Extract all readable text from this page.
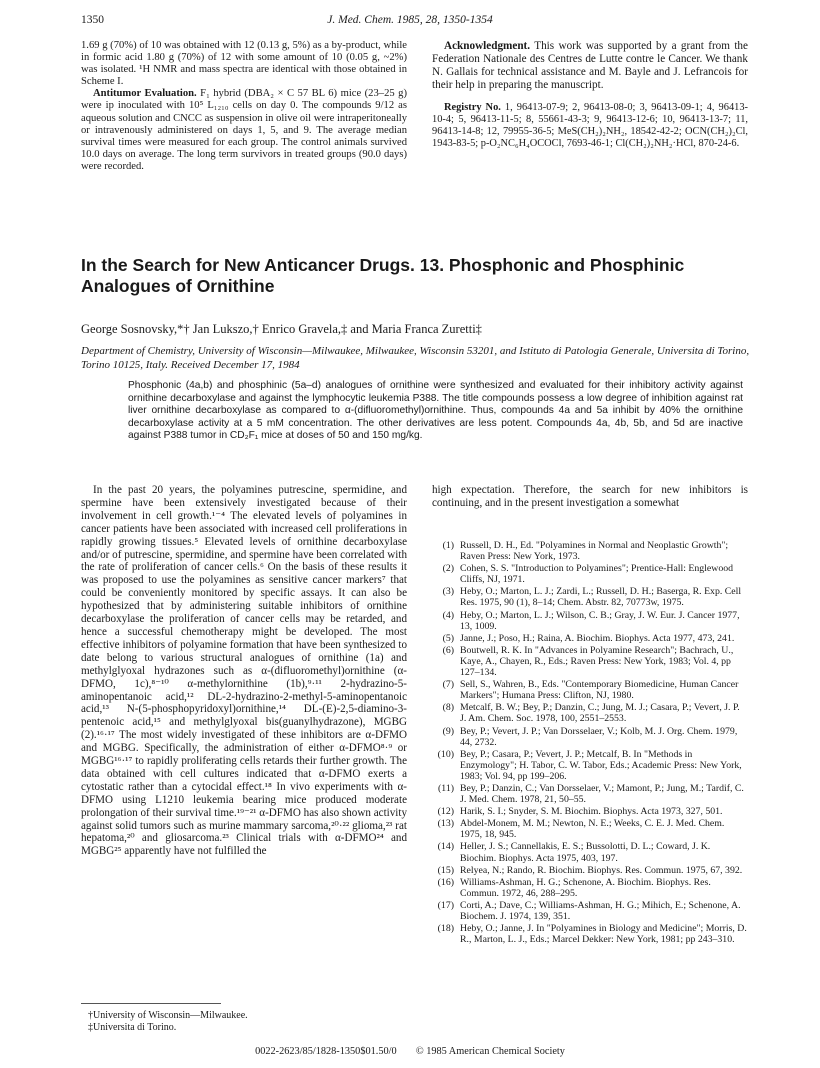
1350	J. Med. Chem. 1985, 28, 1350-1354

1.69 g (70%) of 10 was obtained with 12 (0.13 g, 5%) as a by-product, while in formic acid 1.80 g (70%) of 12 with some amount of 10 (0.05 g, ~2%) was isolated. ¹H NMR and mass spectra are identical with those obtained in Scheme I.

Antitumor Evaluation. F₁ hybrid (DBA₂ × C 57 BL 6) mice (23–25 g) were ip inoculated with 10⁵ L₁₂₁₀ cells on day 0. The compounds 9/12 as aqueous solution and CNCC as suspension in olive oil were intraperitoneally or intravenously administered on days 1, 5, and 9. The average median survival times were measured for each group. The control animals survived 10.0 days on average. The long term survivors in treated groups (90.0 days) were recorded.

Acknowledgment. This work was supported by a grant from the Federation Nationale des Centres de Lutte contre le Cancer. We thank N. Gallais for technical assistance and M. Bayle and J. Lefrancois for their help in preparing the manuscript.

Registry No. 1, 96413-07-9; 2, 96413-08-0; 3, 96413-09-1; 4, 96413-10-4; 5, 96413-11-5; 8, 55661-43-3; 9, 96413-12-6; 10, 96413-13-7; 11, 96413-14-8; 12, 79955-36-5; MeS(CH₂)₂NH₂, 18542-42-2; OCN(CH₂)₂Cl, 1943-83-5; p-O₂NC₆H₄OCOCl, 7693-46-1; Cl(CH₂)₂NH₂·HCl, 870-24-6.

In the Search for New Anticancer Drugs. 13. Phosphonic and Phosphinic Analogues of Ornithine
George Sosnovsky,*† Jan Lukszo,† Enrico Gravela,‡ and Maria Franca Zuretti‡
Department of Chemistry, University of Wisconsin—Milwaukee, Milwaukee, Wisconsin 53201, and Istituto di Patologia Generale, Universita di Torino, Torino 10125, Italy. Received December 17, 1984
Phosphonic (4a,b) and phosphinic (5a–d) analogues of ornithine were synthesized and evaluated for their inhibitory activity against ornithine decarboxylase and against the lymphocytic leukemia P388. The title compounds possess a low degree of inhibition against rat liver ornithine decarboxylase as compared to α-(difluoromethyl)ornithine. Thus, compounds 4a and 5a inhibit by 40% the ornithine decarboxylase activity at a 5 mM concentration. The other derivatives are less potent. Compounds 4a, 4b, 5b, and 5d are inactive against P388 tumor in CD₂F₁ mice at doses of 50 and 150 mg/kg.

In the past 20 years, the polyamines putrescine, spermidine, and spermine have been extensively investigated because of their involvement in cell growth.¹⁻⁴ The elevated levels of polyamines in cancer patients have been associated with increased cell proliferations in rapidly growing tissues.⁵ Elevated levels of ornithine decarboxylase and/or of putrescine, spermidine, and spermine have been correlated with the rate of proliferation of cancer cells.⁶ On the basis of these results it was proposed to use the polyamines as sensitive cancer markers⁷ that could be conveniently monitored by specific assays. It can also be hypothesized that by administering suitable inhibitors of ornithine decarboxylase the proliferation of cancer cells may be retarded, and hence a successful chemotherapy might be developed. The most effective inhibitors of polyamine formation that have been synthesized to date belong to various structural analogues of ornithine (1a) and methylglyoxal hydrazones such as α-(difluoromethyl)ornithine (α-DFMO, 1c),⁸⁻¹⁰ α-methylornithine (1b),⁹·¹¹ 2-hydrazino-5-aminopentanoic acid,¹² DL-2-hydrazino-2-methyl-5-aminopentanoic acid,¹³ N-(5-phosphopyridoxyl)ornithine,¹⁴ DL-(E)-2,5-diamino-3-pentenoic acid,¹⁵ and methylglyoxal bis(guanylhydrazone), MGBG (2).¹⁶·¹⁷ The most widely investigated of these inhibitors are α-DFMO and MGBG. Specifically, the administration of either α-DFMO⁸·⁹ or MGBG¹⁶·¹⁷ to rapidly proliferating cells retards their further growth. The data obtained with cell cultures indicated that α-DFMO exerts a cytostatic rather than a cytocidal effect.¹⁸ In vivo experiments with α-DFMO using L1210 leukemia bearing mice produced moderate prolongation of their survival time.¹⁹⁻²¹ α-DFMO has also shown activity against solid tumors such as murine mammary sarcoma,²⁰·²² glioma,²³ rat hepatoma,²⁰ and gliosarcoma.²³ Clinical trials with α-DFMO²⁴ and MGBG²⁵ apparently have not fulfilled the

high expectation. Therefore, the search for new inhibitors is continuing, and in the present investigation a somewhat

(1) Russell, D. H., Ed. "Polyamines in Normal and Neoplastic Growth"; Raven Press: New York, 1973.
(2) Cohen, S. S. "Introduction to Polyamines"; Prentice-Hall: Englewood Cliffs, NJ, 1971.
(3) Heby, O.; Marton, L. J.; Zardi, L.; Russell, D. H.; Baserga, R. Exp. Cell Res. 1975, 90 (1), 8–14; Chem. Abstr. 82, 70773w, 1975.
(4) Heby, O.; Marton, L. J.; Wilson, C. B.; Gray, J. W. Eur. J. Cancer 1977, 13, 1009.
(5) Janne, J.; Poso, H.; Raina, A. Biochim. Biophys. Acta 1977, 473, 241.
(6) Boutwell, R. K. In "Advances in Polyamine Research"; Bachrach, U., Kaye, A., Chayen, R., Eds.; Raven Press: New York, 1983; Vol. 4, pp 127–134.
(7) Sell, S., Wahren, B., Eds. "Contemporary Biomedicine, Human Cancer Markers"; Humana Press: Clifton, NJ, 1980.
(8) Metcalf, B. W.; Bey, P.; Danzin, C.; Jung, M. J.; Casara, P.; Vevert, J. P. J. Am. Chem. Soc. 1978, 100, 2551–2553.
(9) Bey, P.; Vevert, J. P.; Van Dorsselaer, V.; Kolb, M. J. Org. Chem. 1979, 44, 2732.
(10) Bey, P.; Casara, P.; Vevert, J. P.; Metcalf, B. In "Methods in Enzymology"; H. Tabor, C. W. Tabor, Eds.; Academic Press: New York, 1983; Vol. 94, pp 199–206.
(11) Bey, P.; Danzin, C.; Van Dorsselaer, V.; Mamont, P.; Jung, M.; Tardif, C. J. Med. Chem. 1978, 21, 50–55.
(12) Harik, S. I.; Snyder, S. M. Biochim. Biophys. Acta 1973, 327, 501.
(13) Abdel-Monem, M. M.; Newton, N. E.; Weeks, C. E. J. Med. Chem. 1975, 18, 945.
(14) Heller, J. S.; Cannellakis, E. S.; Bussolotti, D. L.; Coward, J. K. Biochim. Biophys. Acta 1975, 403, 197.
(15) Relyea, N.; Rando, R. Biochim. Biophys. Res. Commun. 1975, 67, 392.
(16) Williams-Ashman, H. G.; Schenone, A. Biochim. Biophys. Res. Commun. 1972, 46, 288–295.
(17) Corti, A.; Dave, C.; Williams-Ashman, H. G.; Mihich, E.; Schenone, A. Biochem. J. 1974, 139, 351.
(18) Heby, O.; Janne, J. In "Polyamines in Biology and Medicine"; Morris, D. R., Marton, L. J., Eds.; Marcel Dekker: New York, 1981; pp 243–310.
†University of Wisconsin—Milwaukee.
‡Universita di Torino.
0022-2623/85/1828-1350$01.50/0 © 1985 American Chemical Society
